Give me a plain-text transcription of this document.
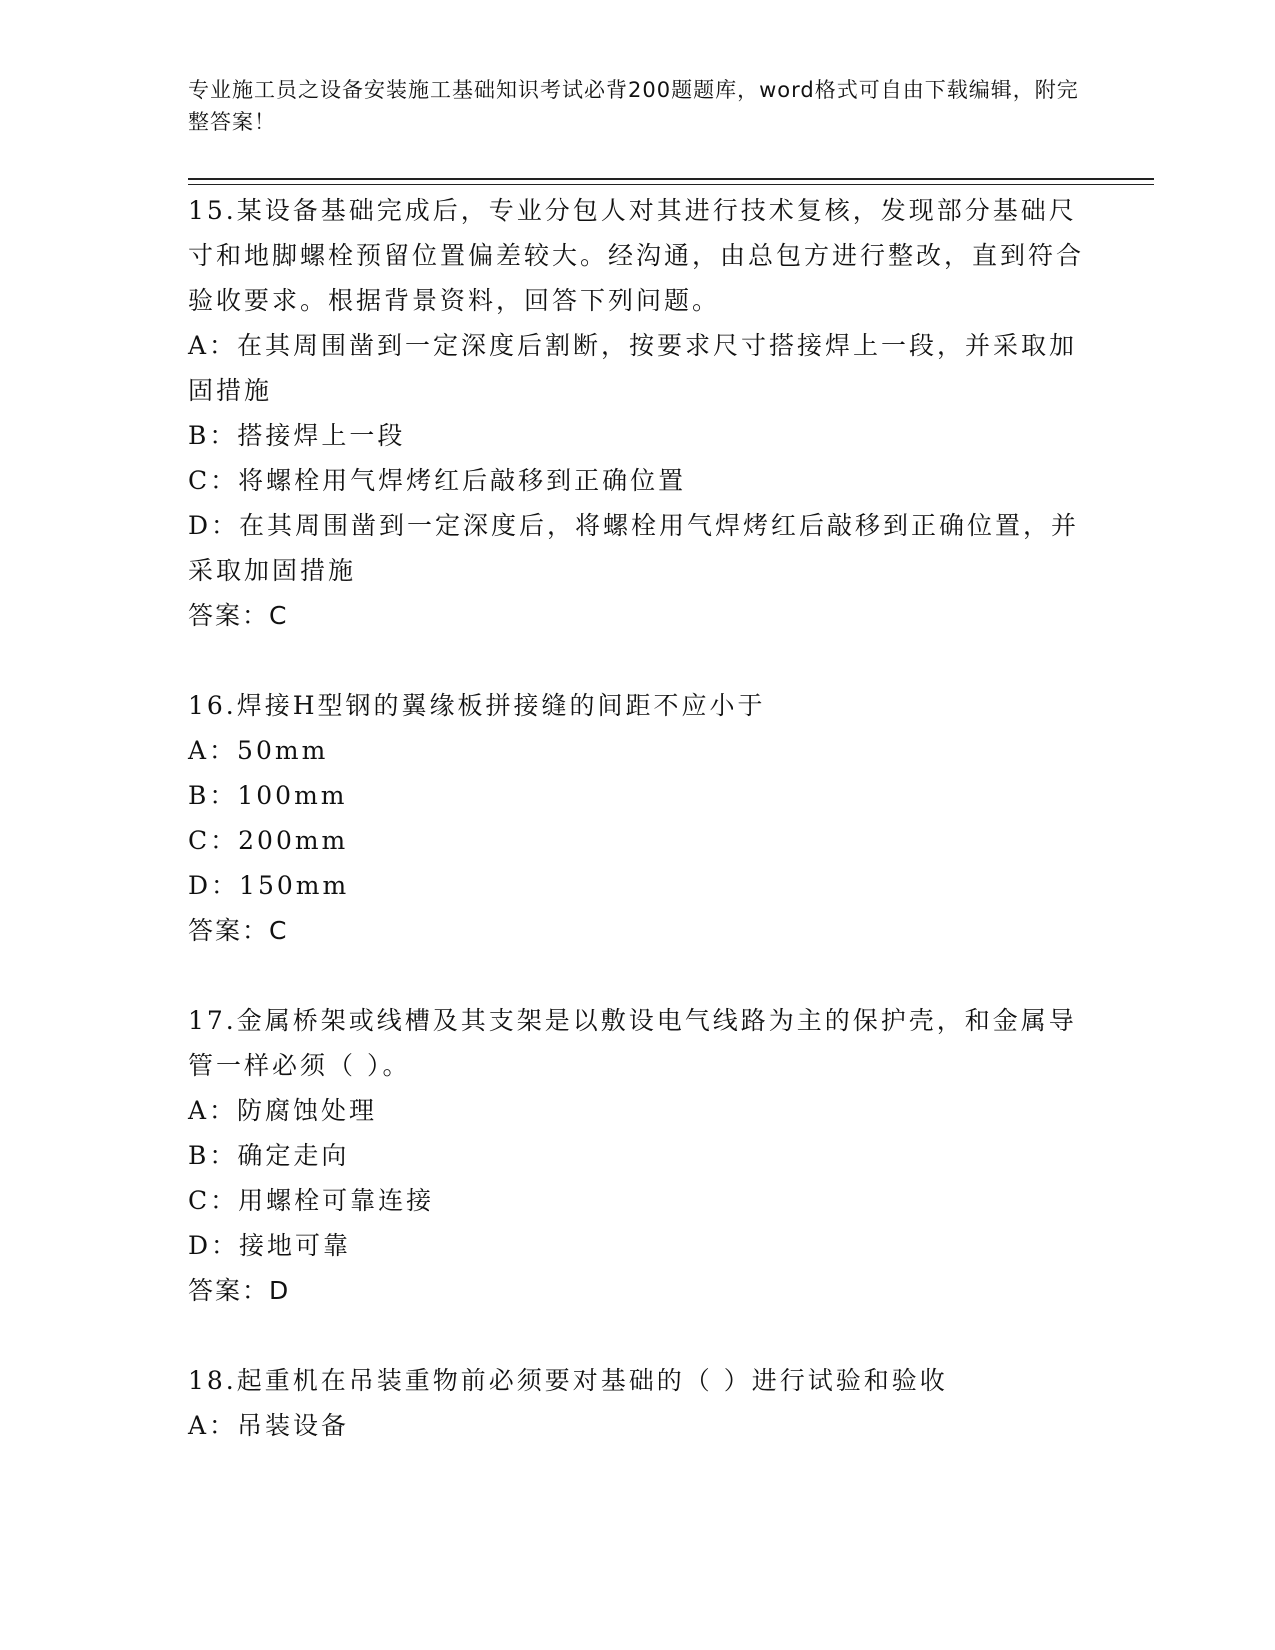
专业施工员之设备安装施工基础知识考试必背200题题库，word格式可自由下载编辑，附完整答案！

15.某设备基础完成后，专业分包人对其进行技术复核，发现部分基础尺寸和地脚螺栓预留位置偏差较大。经沟通，由总包方进行整改，直到符合验收要求。根据背景资料，回答下列问题。

A：在其周围凿到一定深度后割断，按要求尺寸搭接焊上一段，并采取加固措施

B：搭接焊上一段

C：将螺栓用气焊烤红后敲移到正确位置

D：在其周围凿到一定深度后，将螺栓用气焊烤红后敲移到正确位置，并采取加固措施

答案：C

16.焊接H型钢的翼缘板拼接缝的间距不应小于

A：50mm

B：100mm

C：200mm

D：150mm

答案：C

17.金属桥架或线槽及其支架是以敷设电气线路为主的保护壳，和金属导管一样必须（ ）。

A：防腐蚀处理

B：确定走向

C：用螺栓可靠连接

D：接地可靠

答案：D

18.起重机在吊装重物前必须要对基础的（ ）进行试验和验收

A：吊装设备
